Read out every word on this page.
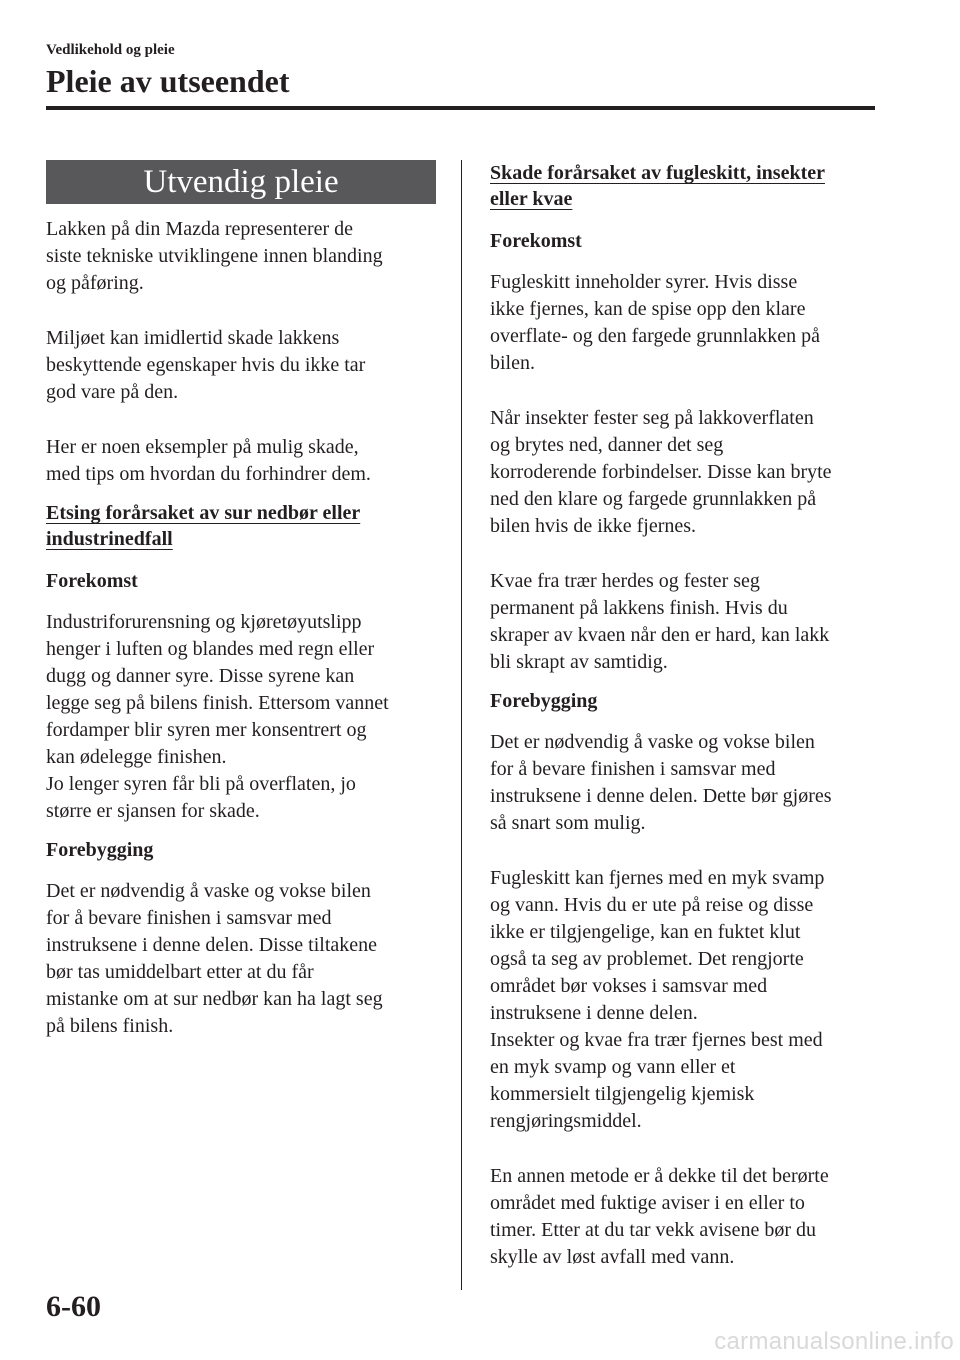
Vedlikehold og pleie
Pleie av utseendet
Utvendig pleie

Lakken på din Mazda representerer de
siste tekniske utviklingene innen blanding
og påføring.

Miljøet kan imidlertid skade lakkens
beskyttende egenskaper hvis du ikke tar
god vare på den.

Her er noen eksempler på mulig skade,
med tips om hvordan du forhindrer dem.

Etsing forårsaket av sur nedbør eller
industrinedfall
Forekomst

Industriforurensning og kjøretøyutslipp
henger i luften og blandes med regn eller
dugg og danner syre. Disse syrene kan
legge seg på bilens finish. Ettersom vannet
fordamper blir syren mer konsentrert og
kan ødelegge finishen.

Jo lenger syren får bli på overflaten, jo
større er sjansen for skade.

Forebygging

Det er nødvendig å vaske og vokse bilen
for å bevare finishen i samsvar med
instruksene i denne delen. Disse tiltakene
bør tas umiddelbart etter at du får
mistanke om at sur nedbør kan ha lagt seg
på bilens finish.

Skade forårsaket av fugleskitt, insekter
eller kvae
Forekomst

Fugleskitt inneholder syrer. Hvis disse
ikke fjernes, kan de spise opp den klare
overflate- og den fargede grunnlakken på
bilen.

Når insekter fester seg på lakkoverflaten
og brytes ned, danner det seg
korroderende forbindelser. Disse kan bryte
ned den klare og fargede grunnlakken på
bilen hvis de ikke fjernes.

Kvae fra trær herdes og fester seg
permanent på lakkens finish. Hvis du
skraper av kvaen når den er hard, kan lakk
bli skrapt av samtidig.

Forebygging

Det er nødvendig å vaske og vokse bilen
for å bevare finishen i samsvar med
instruksene i denne delen. Dette bør gjøres
så snart som mulig.

Fugleskitt kan fjernes med en myk svamp
og vann. Hvis du er ute på reise og disse
ikke er tilgjengelige, kan en fuktet klut
også ta seg av problemet. Det rengjorte
området bør vokses i samsvar med
instruksene i denne delen.

Insekter og kvae fra trær fjernes best med
en myk svamp og vann eller et
kommersielt tilgjengelig kjemisk
rengjøringsmiddel.

En annen metode er å dekke til det berørte
området med fuktige aviser i en eller to
timer. Etter at du tar vekk avisene bør du
skylle av løst avfall med vann.

6-60
carmanualsonline.info
